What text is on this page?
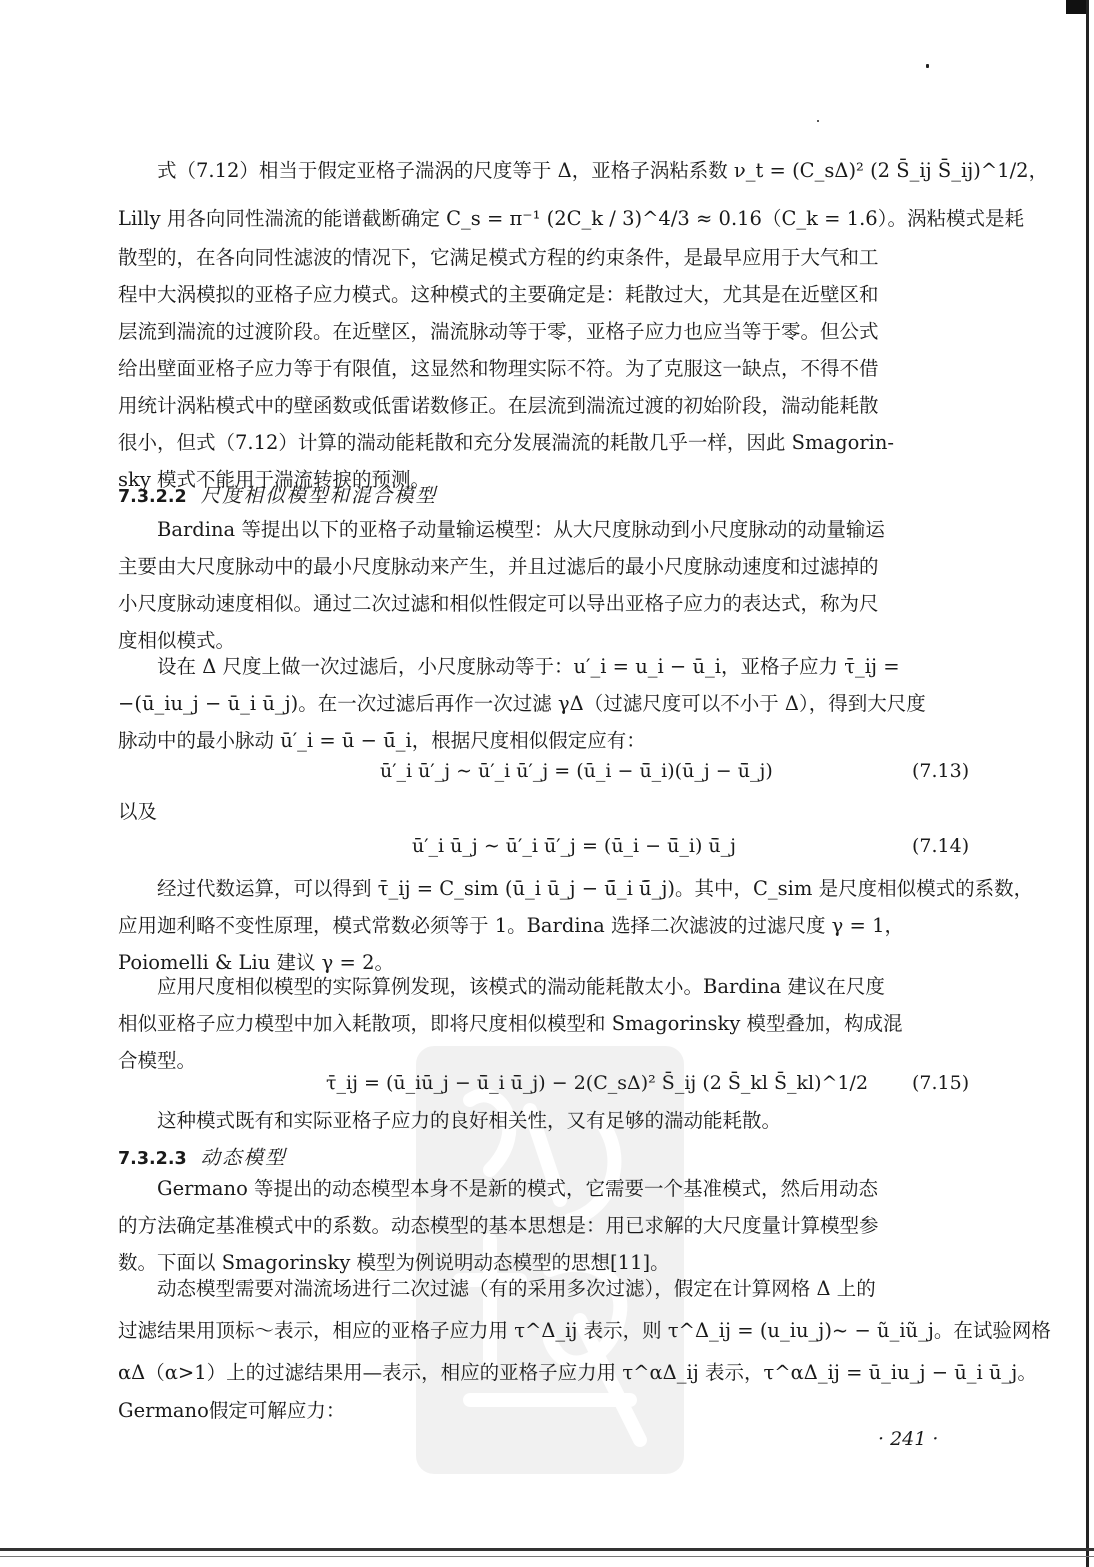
式（7.12）相当于假定亚格子湍涡的尺度等于 Δ，亚格子涡粘系数 ν_t = (C_sΔ)² (2 S̄_ij S̄_ij)^1/2，

Lilly 用各向同性湍流的能谱截断确定 C_s = π⁻¹ (2C_k / 3)^4/3 ≈ 0.16（C_k = 1.6）。涡粘模式是耗
散型的，在各向同性滤波的情况下，它满足模式方程的约束条件，是最早应用于大气和工
程中大涡模拟的亚格子应力模式。这种模式的主要确定是：耗散过大，尤其是在近壁区和
层流到湍流的过渡阶段。在近壁区，湍流脉动等于零，亚格子应力也应当等于零。但公式
给出壁面亚格子应力等于有限值，这显然和物理实际不符。为了克服这一缺点，不得不借
用统计涡粘模式中的壁函数或低雷诺数修正。在层流到湍流过渡的初始阶段，湍动能耗散
很小，但式（7.12）计算的湍动能耗散和充分发展湍流的耗散几乎一样，因此 Smagorin-
sky 模式不能用于湍流转捩的预测。
7.3.2.2 尺度相似模型和混合模型
Bardina 等提出以下的亚格子动量输运模型：从大尺度脉动到小尺度脉动的动量输运
主要由大尺度脉动中的最小尺度脉动来产生，并且过滤后的最小尺度脉动速度和过滤掉的
小尺度脉动速度相似。通过二次过滤和相似性假定可以导出亚格子应力的表达式，称为尺
度相似模式。
设在 Δ 尺度上做一次过滤后，小尺度脉动等于：u′_i = u_i − ū_i，亚格子应力 τ̄_ij =
−(ū_iu_j − ū_i ū_j)。在一次过滤后再作一次过滤 γΔ（过滤尺度可以不小于 Δ），得到大尺度
脉动中的最小脉动 ū′_i = ū − ū̄_i，根据尺度相似假定应有：
ū′_i ū′_j ∼ ū′_i ū′_j = (ū_i − ū̄_i)(ū_j − ū̄_j)	(7.13)
以及
ū′_i ū_j ∼ ū′_i ū̄′_j = (ū_i − ū̄_i) ū̄_j	(7.14)
经过代数运算，可以得到 τ̄_ij = C_sim (ū_i ū_j − ū̄_i ū̄_j)。其中，C_sim 是尺度相似模式的系数，
应用迦利略不变性原理，模式常数必须等于 1。Bardina 选择二次滤波的过滤尺度 γ = 1，
Poiomelli & Liu 建议 γ = 2。
应用尺度相似模型的实际算例发现，该模式的湍动能耗散太小。Bardina 建议在尺度
相似亚格子应力模型中加入耗散项，即将尺度相似模型和 Smagorinsky 模型叠加，构成混
合模型。
τ̄_ij = (ū_iū_j − ū̄_i ū̄_j) − 2(C_sΔ)² S̄_ij (2 S̄_kl S̄_kl)^1/2 (7.15)
这种模式既有和实际亚格子应力的良好相关性，又有足够的湍动能耗散。
7.3.2.3 动态模型
Germano 等提出的动态模型本身不是新的模式，它需要一个基准模式，然后用动态
的方法确定基准模式中的系数。动态模型的基本思想是：用已求解的大尺度量计算模型参
数。下面以 Smagorinsky 模型为例说明动态模型的思想[11]。
动态模型需要对湍流场进行二次过滤（有的采用多次过滤），假定在计算网格 Δ 上的
过滤结果用顶标～表示，相应的亚格子应力用 τ^Δ_ij 表示，则 τ^Δ_ij = (u_iu_j)~ − ũ_iũ_j。在试验网格
αΔ（α>1）上的过滤结果用—表示，相应的亚格子应力用 τ^αΔ_ij 表示，τ^αΔ_ij = ū_iu_j − ū_i ū_j。
Germano假定可解应力：
· 241 ·
